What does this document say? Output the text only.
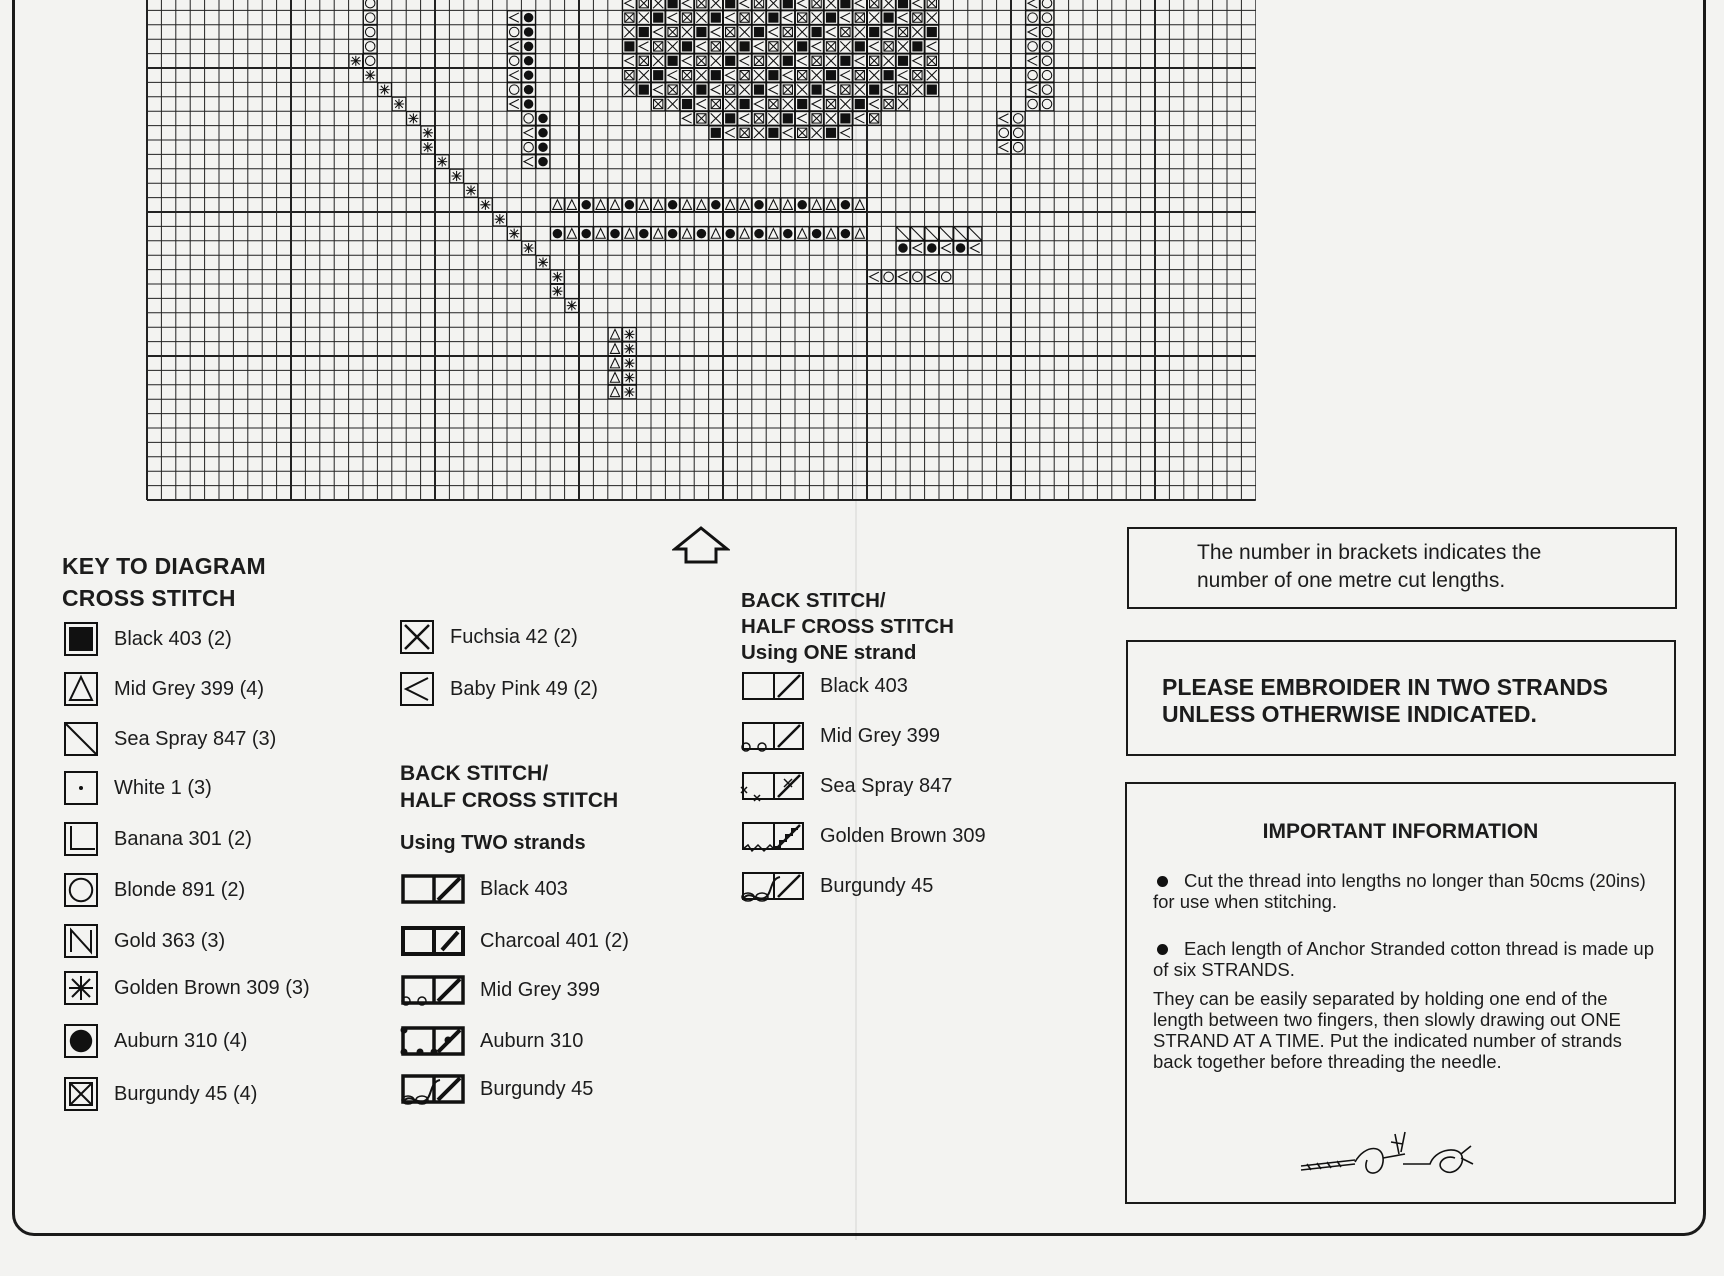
KEY TO DIAGRAM
CROSS STITCH
Black 403 (2)
Mid Grey 399 (4)
Sea Spray 847 (3)
White 1 (3)
Banana 301 (2)
Blonde 891 (2)
Gold 363 (3)
Golden Brown 309 (3)
Auburn 310 (4)
Burgundy 45 (4)
Fuchsia 42 (2)
Baby Pink 49 (2)
BACK STITCH/
HALF CROSS STITCH
Using TWO strands
Black 403
Charcoal 401 (2)
Mid Grey 399
Auburn 310
Burgundy 45
BACK STITCH/
HALF CROSS STITCH
Using ONE strand
Black 403
Mid Grey 399
Sea Spray 847
Golden Brown 309
Burgundy 45
The number in brackets indicates the
number of one metre cut lengths.
PLEASE EMBROIDER IN TWO STRANDS
UNLESS OTHERWISE INDICATED.
IMPORTANT INFORMATION
Cut the thread into lengths no longer than 50cms (20ins) for use when stitching.
Each length of Anchor Stranded cotton thread is made up of six STRANDS.
They can be easily separated by holding one end of the length between two fingers, then slowly drawing out ONE STRAND AT A TIME. Put the indicated number of strands back together before threading the needle.
